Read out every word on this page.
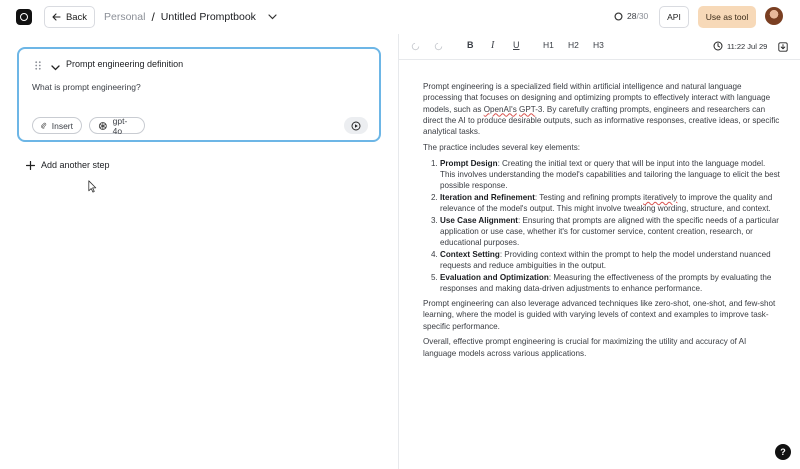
Back Personal / Untitled Promptbook	28/30	API	Use as tool
Prompt engineering definition
What is prompt engineering?
Insert	gpt-4o
Add another step
B I U	H1 H2 H3	11:22 Jul 29

Prompt engineering is a specialized field within artificial intelligence and natural language processing that focuses on designing and optimizing prompts to effectively interact with language models, such as OpenAI's GPT-3. By carefully crafting prompts, engineers and researchers can direct the AI to produce desirable outputs, such as informative responses, creative ideas, or specific analytical tasks.

The practice includes several key elements:

1. Prompt Design: Creating the initial text or query that will be input into the language model. This involves understanding the model's capabilities and tailoring the language to elicit the best possible response.
2. Iteration and Refinement: Testing and refining prompts iteratively to improve the quality and relevance of the model's output. This might involve tweaking wording, structure, and context.
3. Use Case Alignment: Ensuring that prompts are aligned with the specific needs of a particular application or use case, whether it's for customer service, content creation, research, or educational purposes.
4. Context Setting: Providing context within the prompt to help the model understand nuanced requests and reduce ambiguities in the output.
5. Evaluation and Optimization: Measuring the effectiveness of the prompts by evaluating the responses and making data-driven adjustments to enhance performance.

Prompt engineering can also leverage advanced techniques like zero-shot, one-shot, and few-shot learning, where the model is guided with varying levels of context and examples to improve task-specific performance.

Overall, effective prompt engineering is crucial for maximizing the utility and accuracy of AI language models across various applications.

?
